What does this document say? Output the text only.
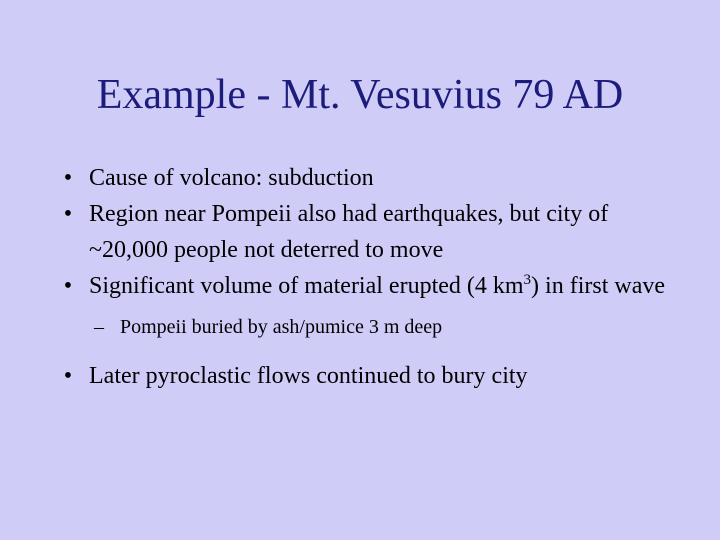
Example - Mt. Vesuvius 79 AD
• Cause of volcano: subduction
• Region near Pompeii also had earthquakes, but city of ~20,000 people not deterred to move
• Significant volume of material erupted (4 $km^3$) in first wave
– Pompeii buried by ash/pumice 3 m deep
• Later pyroclastic flows continued to bury city
